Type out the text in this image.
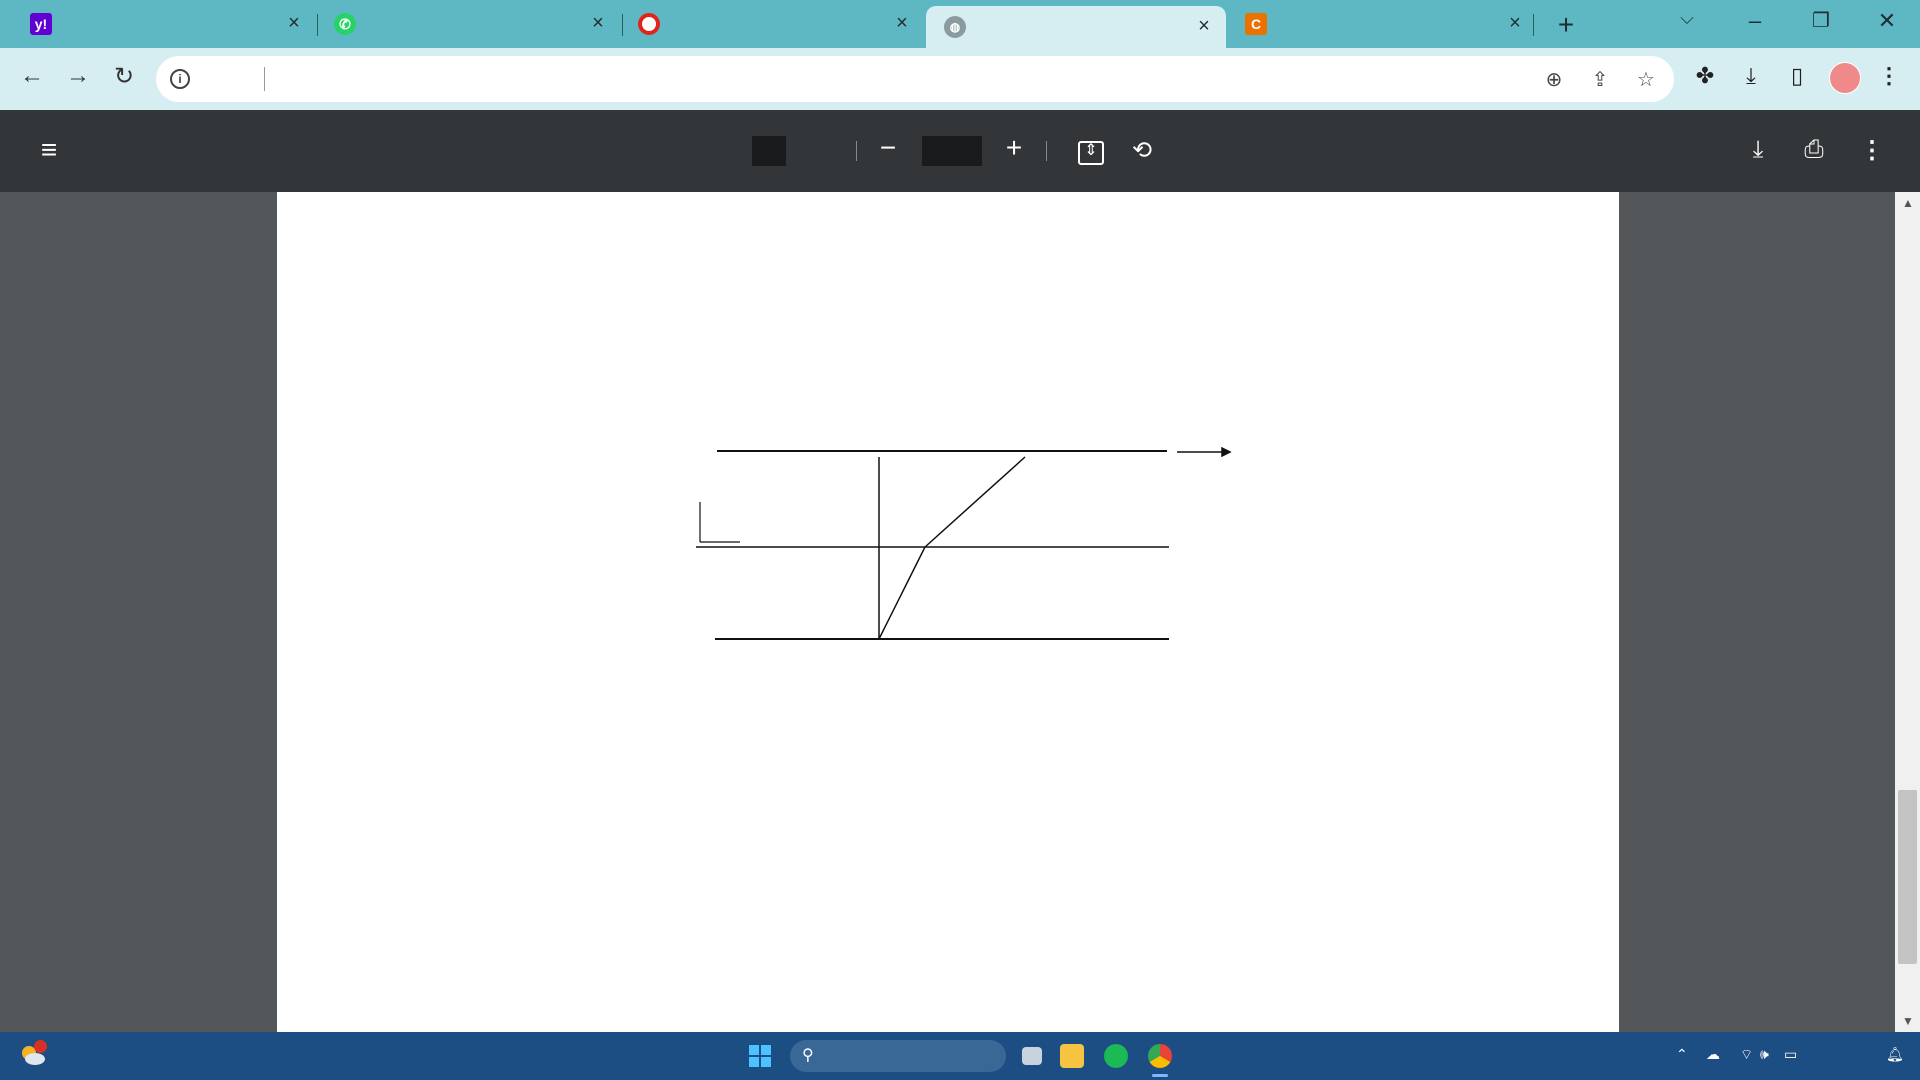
y!	×	✆	×	×	◍	×	C	× +	⌵	–	❐ ✕
← → ↻	i	⊕ ⇪ ☆ ✤	⤓	▯	⋮
≡	−	+	⇕	⟲	⤓	⎙ ⋮

▲
▼
⚲	⌃ ☁ ⌔ 🕪 ▭	🔔︎
